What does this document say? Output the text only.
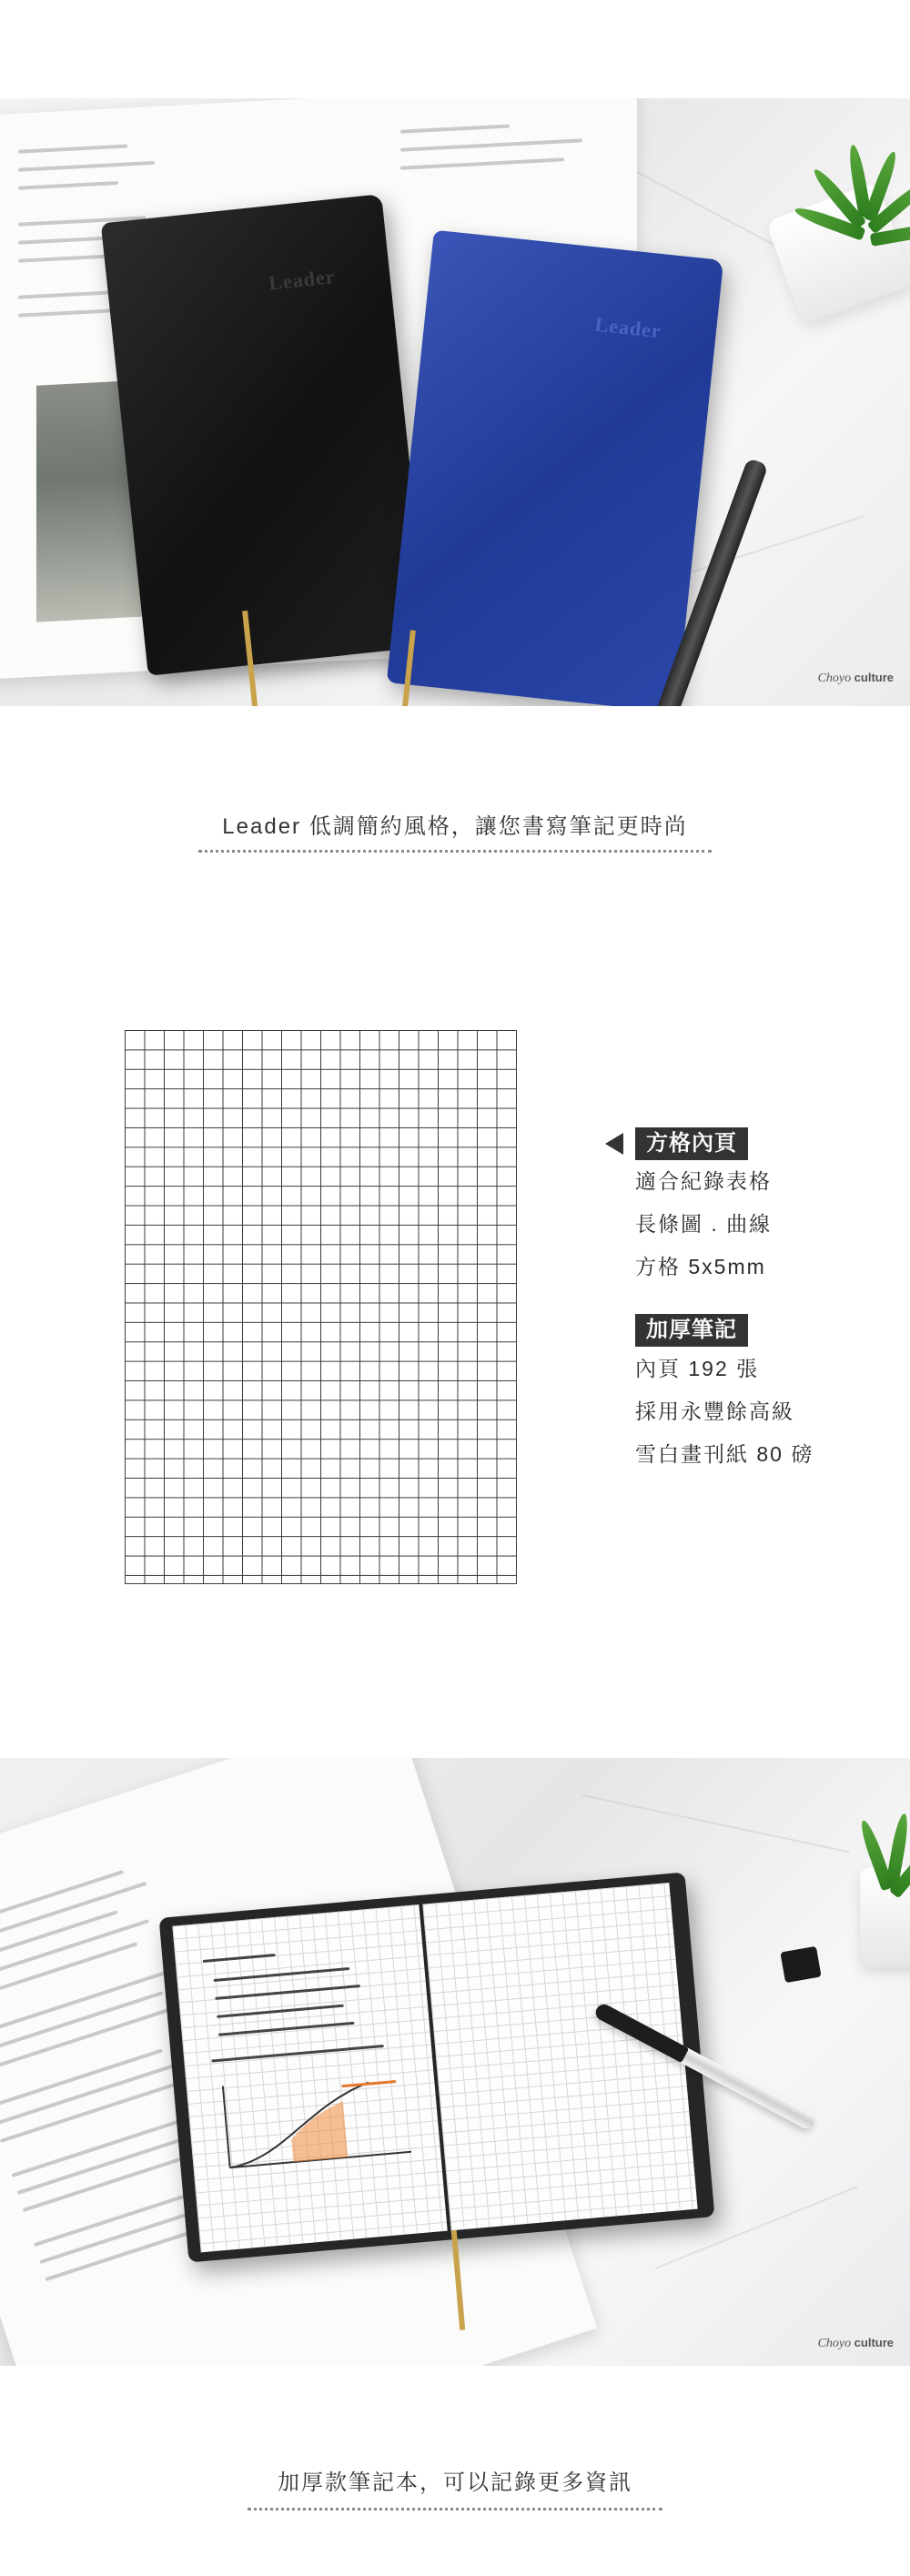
Leader
Leader
Choyo culture
Leader 低調簡約風格，讓您書寫筆記更時尚
方格內頁
適合紀錄表格
長條圖 . 曲線
方格 5x5mm
加厚筆記
內頁 192 張
採用永豐餘高級
雪白畫刊紙 80 磅
Choyo culture
加厚款筆記本，可以記錄更多資訊
